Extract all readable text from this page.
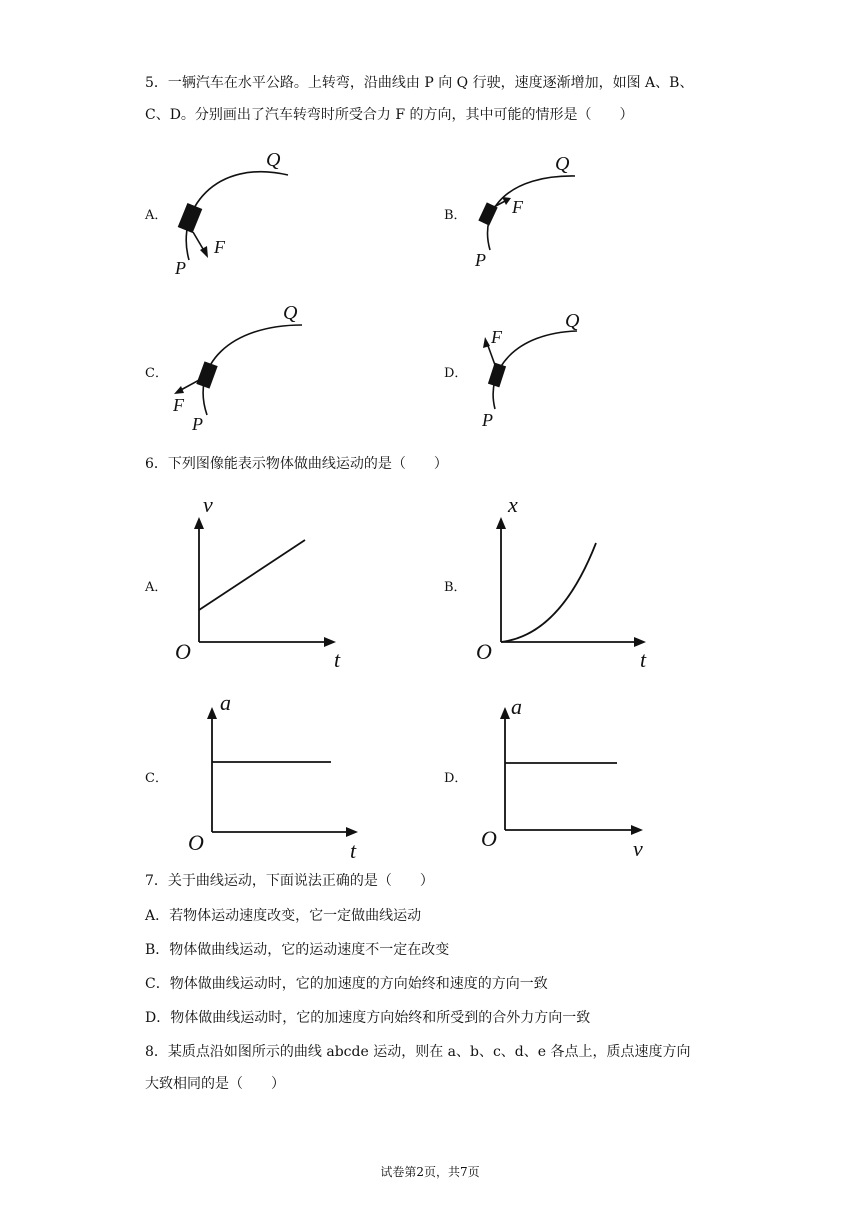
5．一辆汽车在水平公路。上转弯，沿曲线由 P 向 Q 行驶，速度逐渐增加，如图 A、B、
C、D。分别画出了汽车转弯时所受合力 F 的方向，其中可能的情形是（　　）
A．
F
P
Q
B．	F
P
Q
C．
F
P
Q
D．
F
P
Q
6．下列图像能表示物体做曲线运动的是（　　）
A．
v
t
O
B．
x
t
O
C．
a
t
O
D．
a
v
O
7．关于曲线运动，下面说法正确的是（　　）
A．若物体运动速度改变，它一定做曲线运动
B．物体做曲线运动，它的运动速度不一定在改变
C．物体做曲线运动时，它的加速度的方向始终和速度的方向一致
D．物体做曲线运动时，它的加速度方向始终和所受到的合外力方向一致
8．某质点沿如图所示的曲线 abcde 运动，则在 a、b、c、d、e 各点上，质点速度方向
大致相同的是（　　）
试卷第2页，共7页
